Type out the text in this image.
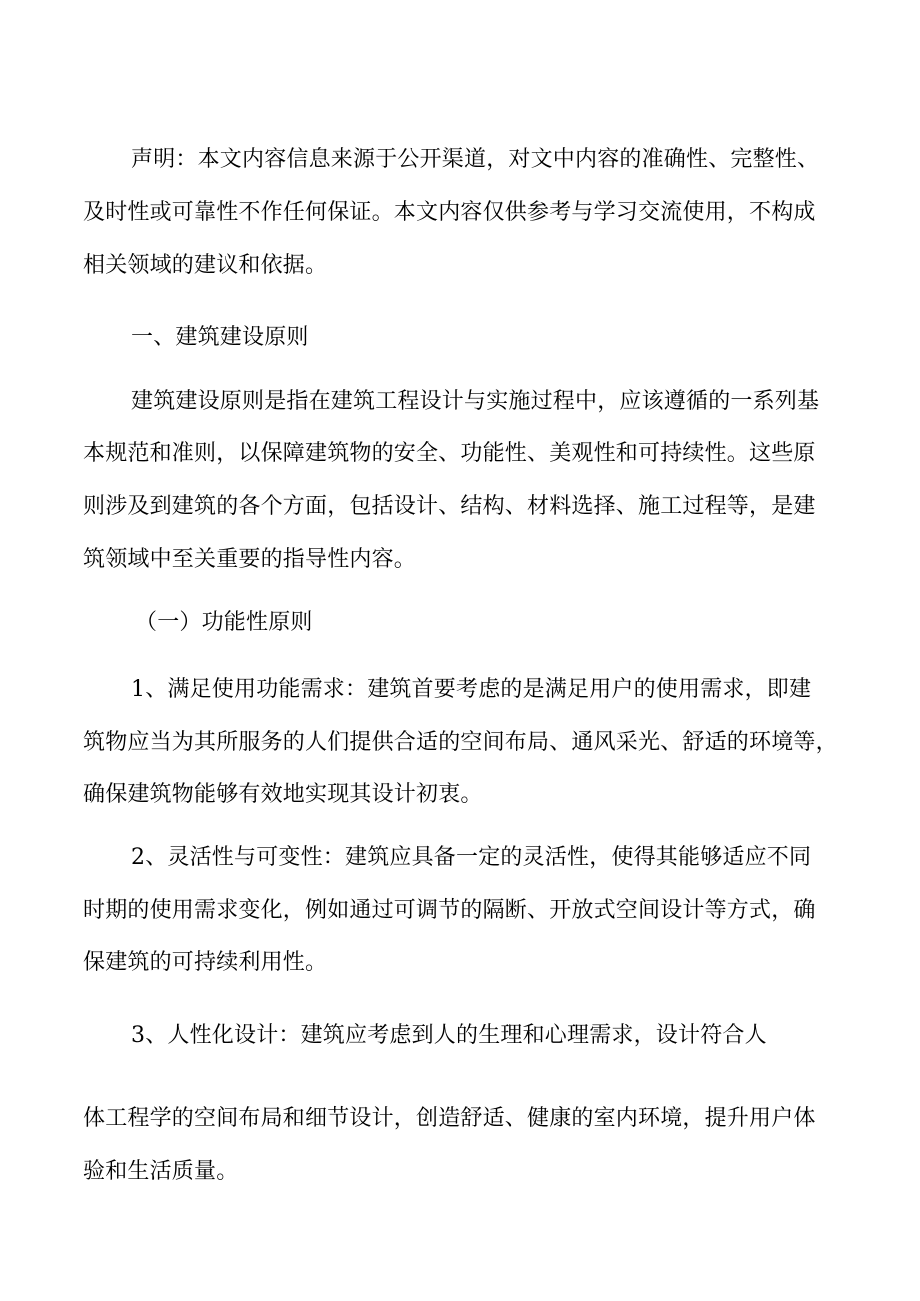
声明：本文内容信息来源于公开渠道，对文中内容的准确性、完整性、

及时性或可靠性不作任何保证。本文内容仅供参考与学习交流使用，不构成

相关领域的建议和依据。

一、建筑建设原则

建筑建设原则是指在建筑工程设计与实施过程中，应该遵循的一系列基

本规范和准则，以保障建筑物的安全、功能性、美观性和可持续性。这些原

则涉及到建筑的各个方面，包括设计、结构、材料选择、施工过程等，是建

筑领域中至关重要的指导性内容。

（一）功能性原则

1、满足使用功能需求：建筑首要考虑的是满足用户的使用需求，即建

筑物应当为其所服务的人们提供合适的空间布局、通风采光、舒适的环境等，

确保建筑物能够有效地实现其设计初衷。

2、灵活性与可变性：建筑应具备一定的灵活性，使得其能够适应不同

时期的使用需求变化，例如通过可调节的隔断、开放式空间设计等方式，确

保建筑的可持续利用性。

3、人性化设计：建筑应考虑到人的生理和心理需求，设计符合人

体工程学的空间布局和细节设计，创造舒适、健康的室内环境，提升用户体

验和生活质量。
